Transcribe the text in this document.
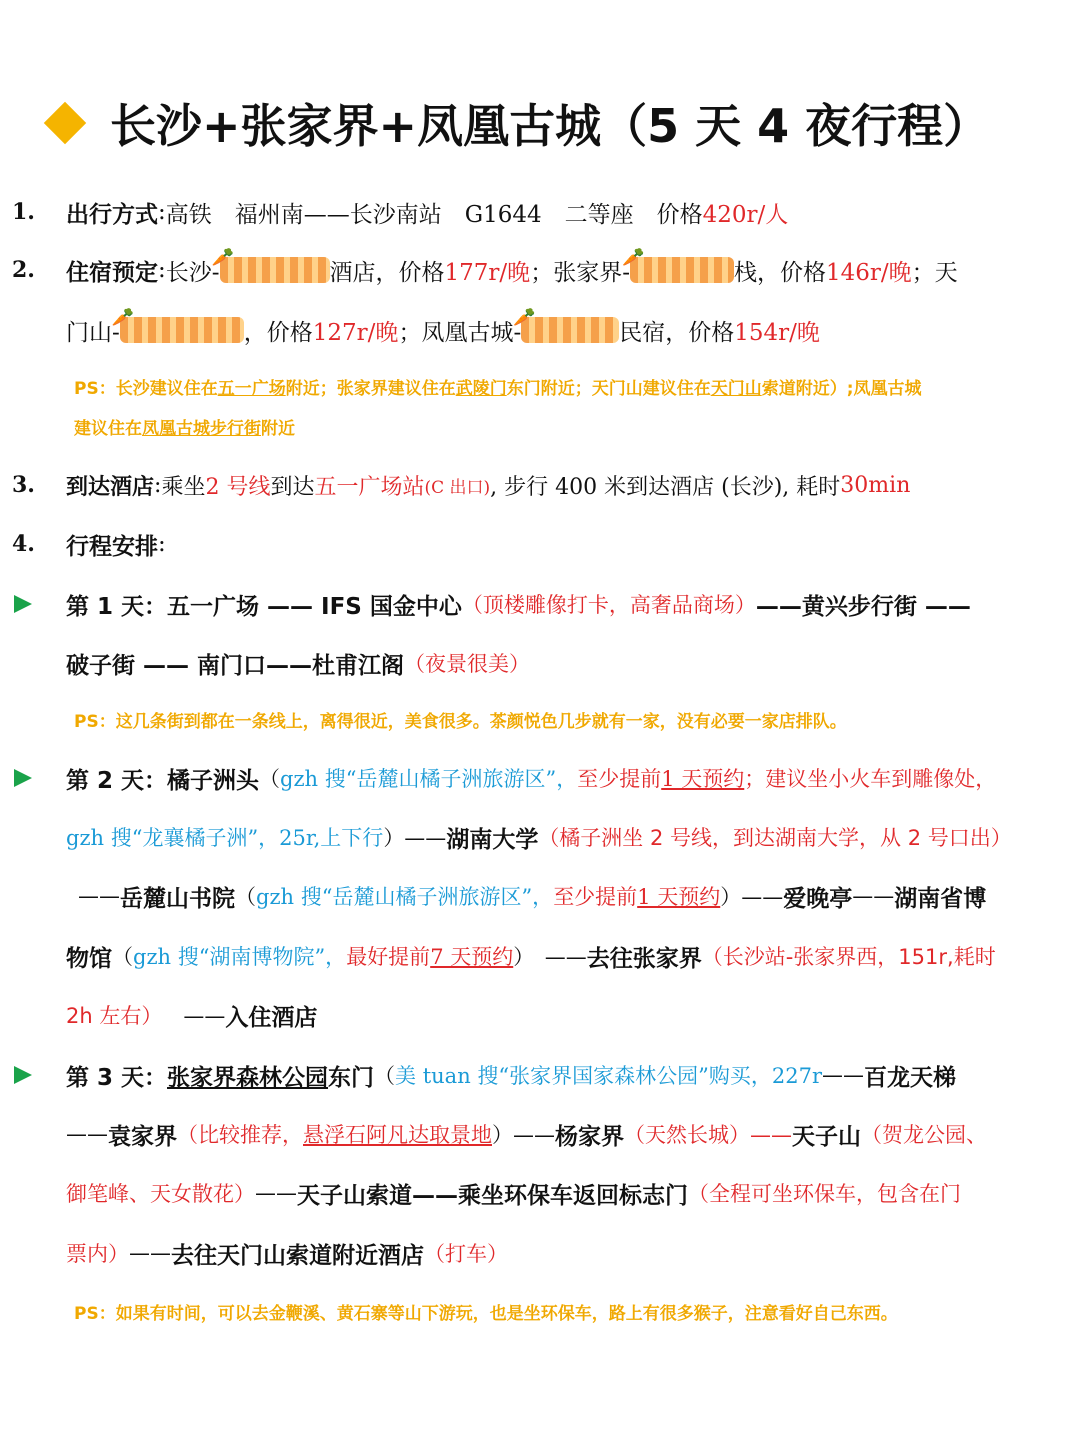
长沙+张家界+凤凰古城（5 天 4 夜行程）
1. 出行方式 : 高铁　福州南——长沙南站　G1644　二等座　价格 420r/人
2. 住宿预定 : 长沙-
🥕
酒店，价格 177r/晚 ；张家界-
🥕
栈，价格 146r/晚 ；天
门山-
🥕
，价格 127r/晚 ；凤凰古城-
🥕
民宿，价格 154r/晚
PS：长沙建议住在 五一广场 附近；张家界建议住在 武陵门 东门附近；天门山建议住在 天门山 索道附近）;凤凰古城
建议住在 凤凰古城步行街 附近
3. 到达酒店 : 乘坐 2 号线 到达 五一广场站 (C 出口) , 步行 400 米到达酒店 (长沙), 耗时 30min
4. 行程安排 :
第 1 天：五一广场 —— IFS 国金中心 （顶楼雕像打卡，高奢品商场） ——黄兴步行街 ——
破子街 —— 南门口——杜甫江阁 （夜景很美）
PS：这几条街到都在一条线上，离得很近，美食很多。茶颜悦色几步就有一家，没有必要一家店排队。
第 2 天：橘子洲头 （ gzh 搜“岳麓山橘子洲旅游区”， 至少提前 1 天预约 ；建议坐小火车到雕像处，
gzh 搜“龙襄橘子洲”，25r,上下行 ）—— 湖南大学 （橘子洲坐 2 号线，到达湖南大学，从 2 号口出）
—— 岳麓山书院 （ gzh 搜“岳麓山橘子洲旅游区”， 至少提前 1 天预约 ）—— 爱晚亭 —— 湖南省博
物馆 （ gzh 搜“湖南博物院”， 最好提前 7 天预约 ）　—— 去往张家界 （长沙站-张家界西，151r,耗时
2h 左右） 　—— 入住酒店
第 3 天： 张家界森林公园 东门 （ 美 tuan 搜“张家界国家森林公园”购买，227r —— 百龙天梯
—— 袁家界 （比较推荐， 悬浮石阿凡达取景地 ）—— 杨家界 （天然长城）—— 天子山 （贺龙公园、
御笔峰、天女散花） —— 天子山索道——乘坐环保车返回标志门 （全程可坐环保车，包含在门
票内） —— 去往天门山索道附近酒店 （打车）
PS：如果有时间，可以去金鞭溪、黄石寨等山下游玩，也是坐环保车，路上有很多猴子，注意看好自己东西。
